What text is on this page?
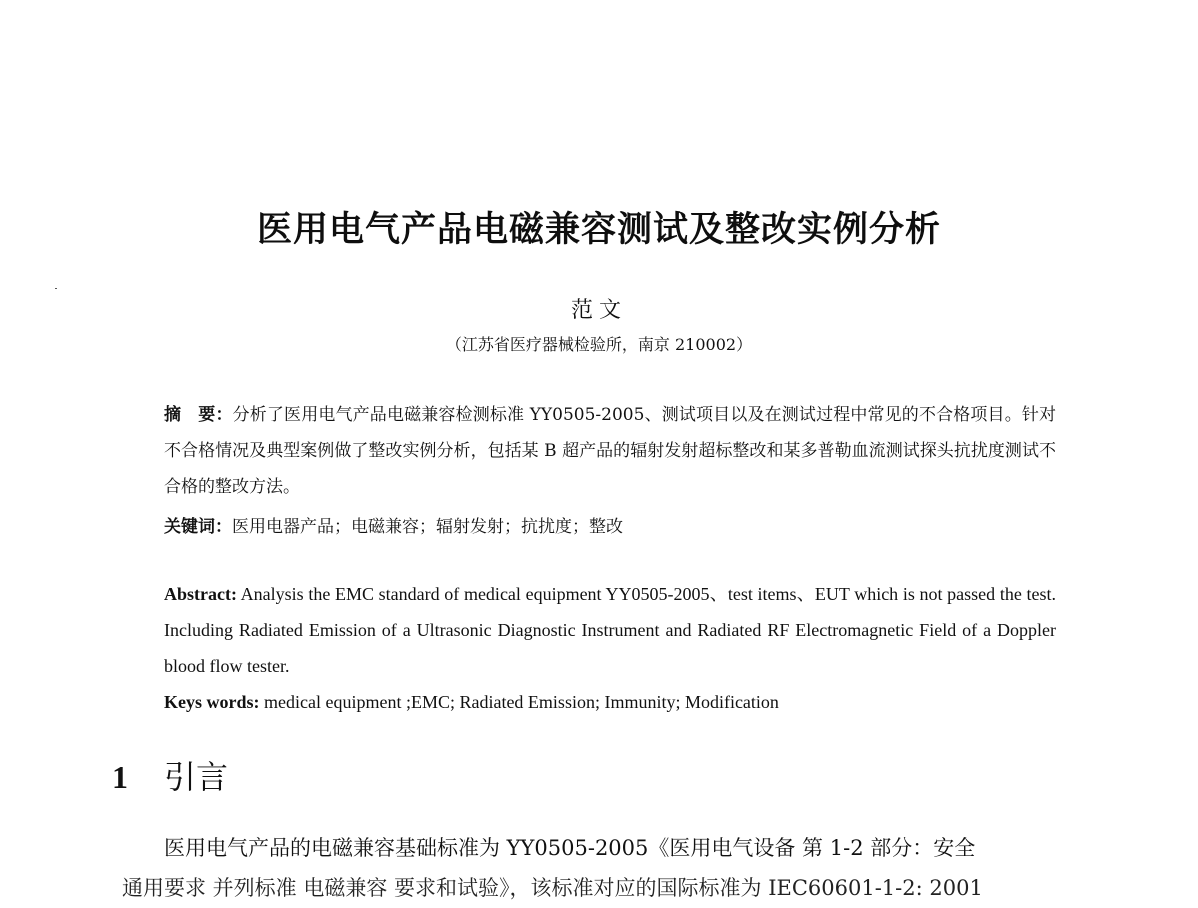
医用电气产品电磁兼容测试及整改实例分析
范文
（江苏省医疗器械检验所，南京 210002）

摘　要：分析了医用电气产品电磁兼容检测标准 YY0505-2005、测试项目以及在测试过程中常见的不合格项目。针对不合格情况及典型案例做了整改实例分析，包括某 B 超产品的辐射发射超标整改和某多普勒血流测试探头抗扰度测试不合格的整改方法。

关键词：医用电器产品；电磁兼容；辐射发射；抗扰度；整改
Abstract: Analysis the EMC standard of medical equipment YY0505-2005、test items、EUT which is not passed the test. Including Radiated Emission of a Ultrasonic Diagnostic Instrument and Radiated RF Electromagnetic Field of a Doppler blood flow tester.
Keys words: medical equipment ;EMC; Radiated Emission; Immunity; Modification
1 引言
医用电气产品的电磁兼容基础标准为 YY0505-2005《医用电气设备 第 1-2 部分：安全
通用要求 并列标准 电磁兼容 要求和试验》，该标准对应的国际标准为 IEC60601-1-2: 2001
